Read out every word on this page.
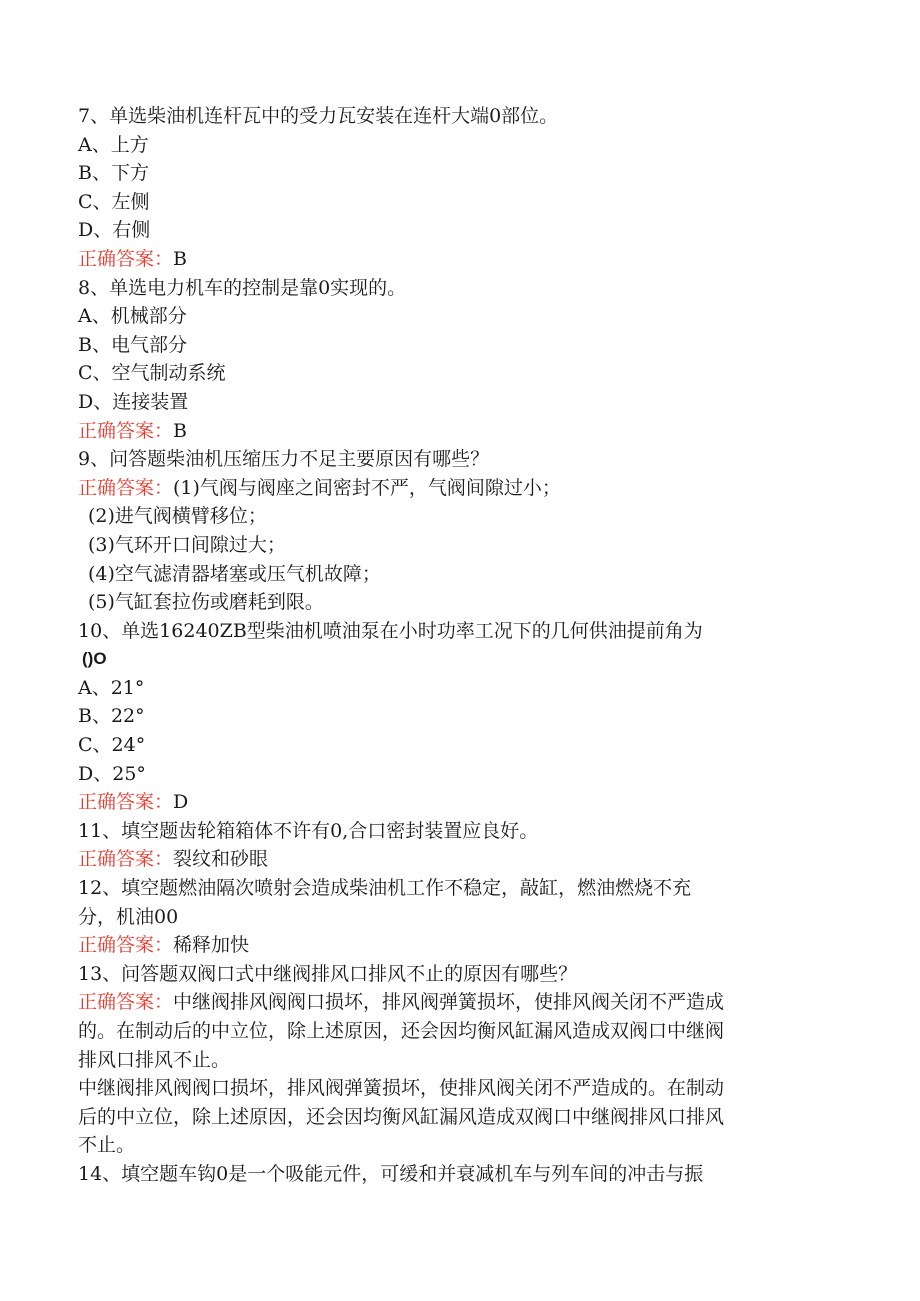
7、单选柴油机连杆瓦中的受力瓦安装在连杆大端0部位。
A、上方
B、下方
C、左侧
D、右侧
正确答案：B
8、单选电力机车的控制是靠0实现的。
A、机械部分
B、电气部分
C、空气制动系统
D、连接装置
正确答案：B
9、问答题柴油机压缩压力不足主要原因有哪些？
正确答案：(1)气阀与阀座之间密封不严，气阀间隙过小；
(2)进气阀横臂移位；
(3)气环开口间隙过大；
(4)空气滤清器堵塞或压气机故障；
(5)气缸套拉伤或磨耗到限。
10、单选16240ZB型柴油机喷油泵在小时功率工况下的几何供油提前角为
()O
A、21°
B、22°
C、24°
D、25°
正确答案：D
11、填空题齿轮箱箱体不许有0,合口密封装置应良好。
正确答案：裂纹和砂眼
12、填空题燃油隔次喷射会造成柴油机工作不稳定，敲缸，燃油燃烧不充
分，机油00
正确答案：稀释加快
13、问答题双阀口式中继阀排风口排风不止的原因有哪些？
正确答案：中继阀排风阀阀口损坏，排风阀弹簧损坏，使排风阀关闭不严造成
的。在制动后的中立位，除上述原因，还会因均衡风缸漏风造成双阀口中继阀
排风口排风不止。
中继阀排风阀阀口损坏，排风阀弹簧损坏，使排风阀关闭不严造成的。在制动
后的中立位，除上述原因，还会因均衡风缸漏风造成双阀口中继阀排风口排风
不止。
14、填空题车钩0是一个吸能元件，可缓和并衰减机车与列车间的冲击与振
